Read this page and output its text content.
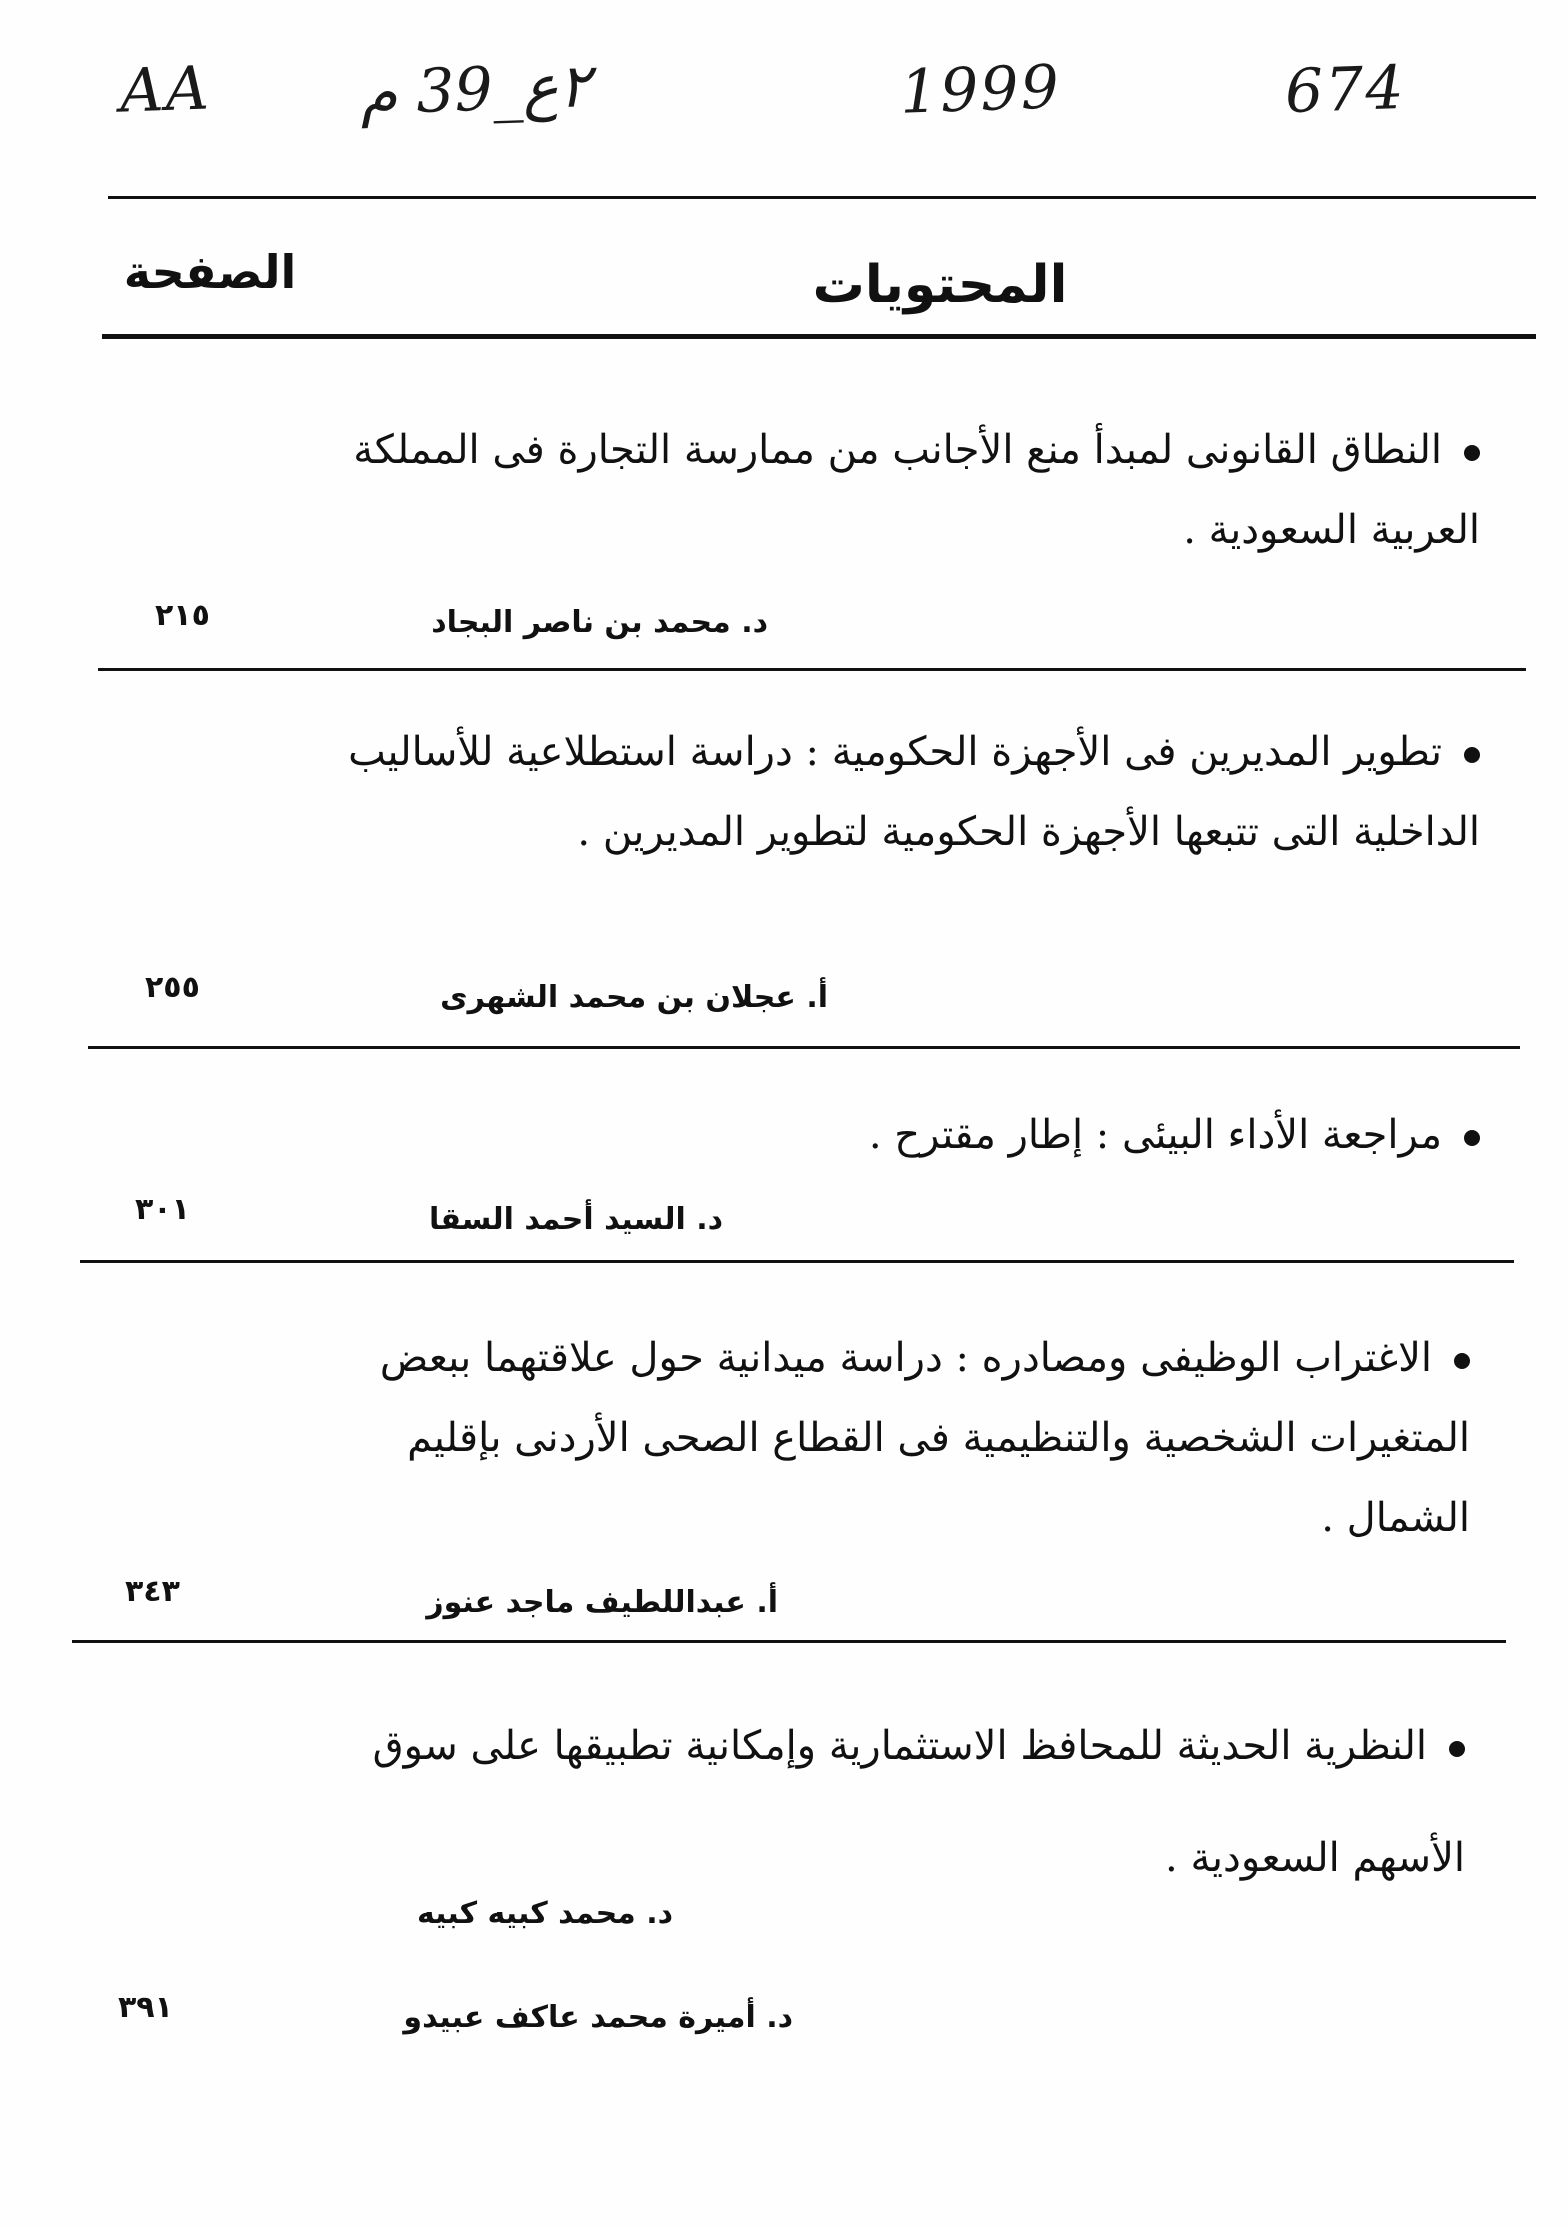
AA ٢ع_39 م	1999	674
المحتويات
الصفحة
النطاق القانونى لمبدأ منع الأجانب من ممارسة التجارة فى المملكة العربية السعودية .
د. محمد بن ناصر البجاد
٢١٥
تطوير المديرين فى الأجهزة الحكومية : دراسة استطلاعية للأساليب الداخلية التى تتبعها الأجهزة الحكومية لتطوير المديرين .
أ. عجلان بن محمد الشهرى
٢٥٥
مراجعة الأداء البيئى : إطار مقترح .
د. السيد أحمد السقا
٣٠١
الاغتراب الوظيفى ومصادره : دراسة ميدانية حول علاقتهما ببعض المتغيرات الشخصية والتنظيمية فى القطاع الصحى الأردنى بإقليم الشمال .
أ. عبداللطيف ماجد عنوز
٣٤٣
النظرية الحديثة للمحافظ الاستثمارية وإمكانية تطبيقها على سوق الأسهم السعودية .
د. محمد كبيه كبيه
د. أميرة محمد عاكف عبيدو
٣٩١
